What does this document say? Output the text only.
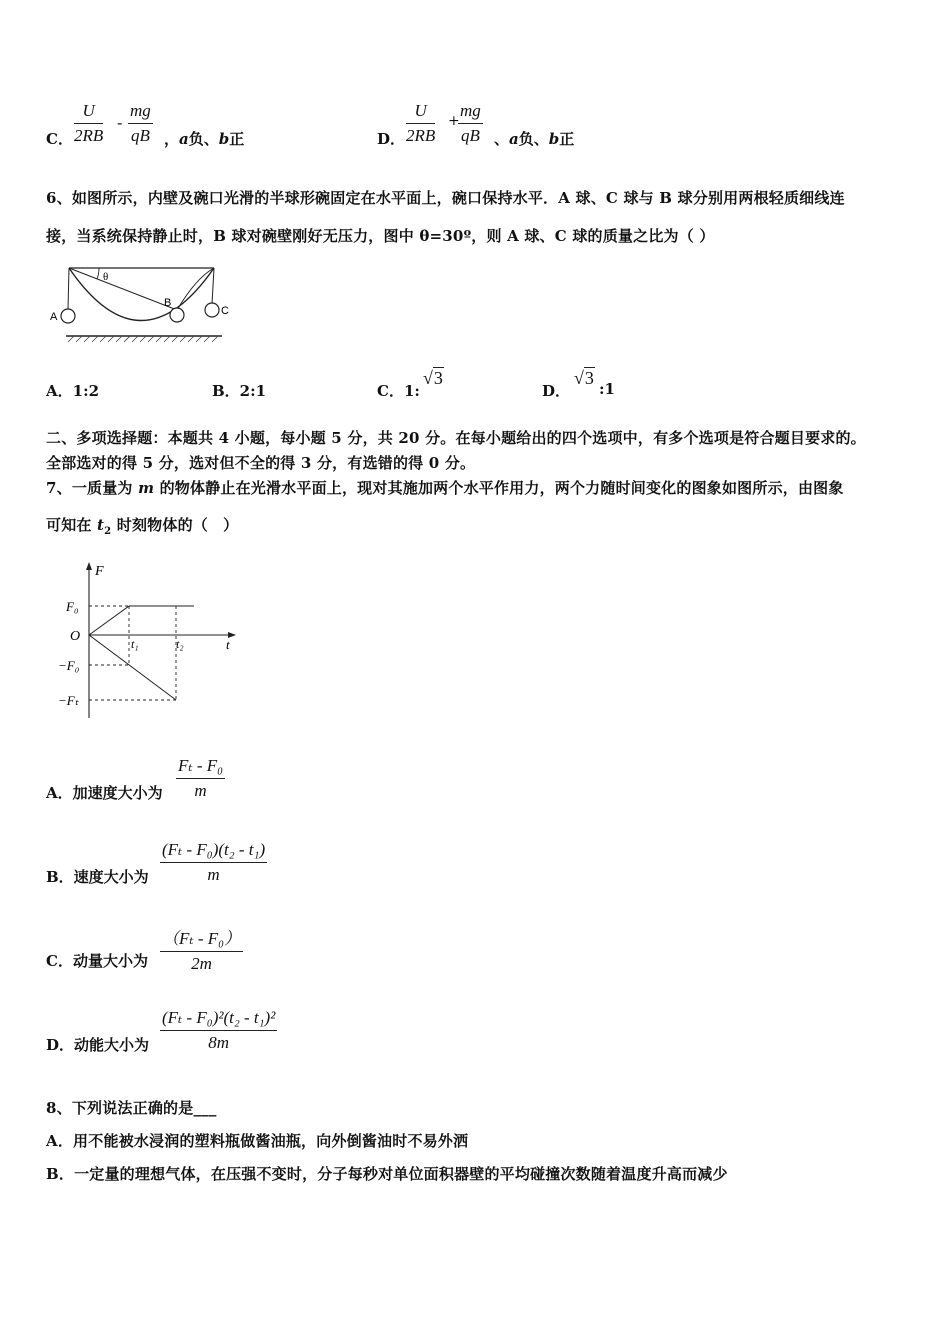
C． $\frac{U}{2RB} - \frac{mg}{qB}$ ，a负、b正	D． $\frac{U}{2RB}$ +
$\frac{mg}{qB}$ 、a负、b正
6、如图所示，内壁及碗口光滑的半球形碗固定在水平面上，碗口保持水平．A 球、C 球与 B 球分别用两根轻质细线连
接，当系统保持静止时，B 球对碗壁刚好无压力，图中 θ=30º，则 A 球、C 球的质量之比为（ ）
A
B
C
θ
A．1:2	B．2:1	C．1:
√3
D．
√3
:1
二、多项选择题：本题共 4 小题，每小题 5 分，共 20 分。在每小题给出的四个选项中，有多个选项是符合题目要求的。
全部选对的得 5 分，选对但不全的得 3 分，有选错的得 0 分。
7、一质量为 m 的物体静止在光滑水平面上，现对其施加两个水平作用力，两个力随时间变化的图象如图所示，由图象
可知在 $t_2$ 时刻物体的（　）
F
F₀
O	t₁	t₂	t
−F₀
−Fₜ
A．加速度大小为 $\frac{\text{Fₜ - F₀}}{m}$
B．速度大小为 $\frac{\text{(Fₜ - F₀)(t₂ - t₁)}}{m}$
C．动量大小为 $\frac{\text{（Fₜ - F₀）}}{2m}$
D．动能大小为 $\frac{\text{(Fₜ - F₀)²(t₂ - t₁)²}}{8m}$
8、下列说法正确的是___
A．用不能被水浸润的塑料瓶做酱油瓶，向外倒酱油时不易外洒
B．一定量的理想气体，在压强不变时，分子每秒对单位面积器壁的平均碰撞次数随着温度升高而减少
